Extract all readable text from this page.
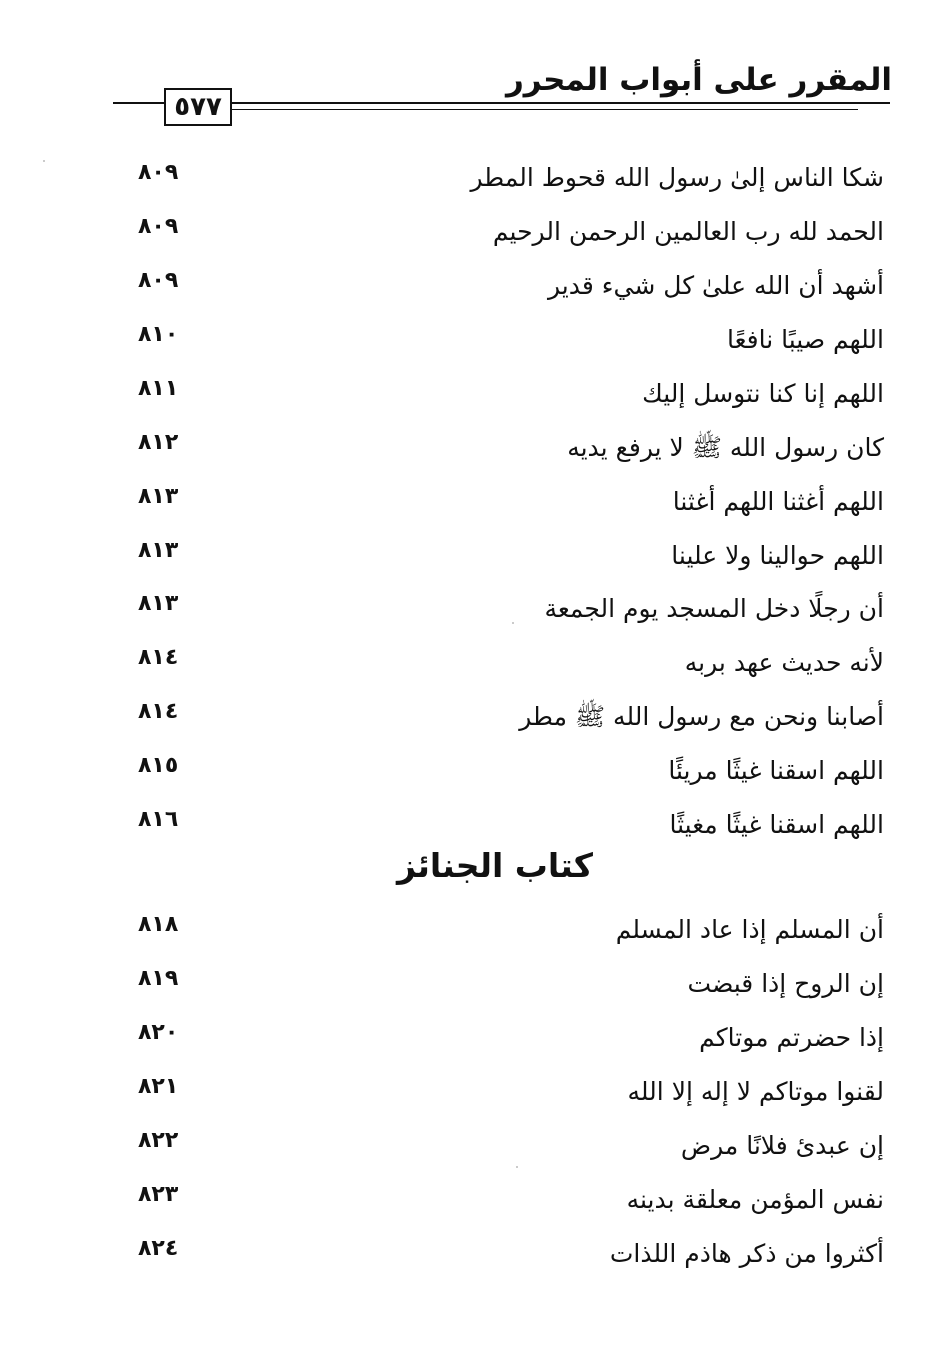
المقرر على أبواب المحرر
٥٧٧
شكا الناس إلىٰ رسول الله قحوط المطر
٨٠٩
الحمد لله رب العالمين الرحمن الرحيم
٨٠٩
أشهد أن الله علىٰ كل شيء قدير
٨٠٩
اللهم صيبًا نافعًا
٨١٠
اللهم إنا كنا نتوسل إليك
٨١١
كان رسول الله ﷺ لا يرفع يديه
٨١٢
اللهم أغثنا اللهم أغثنا
٨١٣
اللهم حوالينا ولا علينا
٨١٣
أن رجلًا دخل المسجد يوم الجمعة
٨١٣
لأنه حديث عهد بربه
٨١٤
أصابنا ونحن مع رسول الله ﷺ مطر
٨١٤
اللهم اسقنا غيثًا مريئًا
٨١٥
اللهم اسقنا غيثًا مغيثًا
٨١٦
كتاب الجنائز
أن المسلم إذا عاد المسلم
٨١٨
إن الروح إذا قبضت
٨١٩
إذا حضرتم موتاكم
٨٢٠
لقنوا موتاكم لا إله إلا الله
٨٢١
إن عبدئ فلانًا مرض
٨٢٢
نفس المؤمن معلقة بدينه
٨٢٣
أكثروا من ذكر هاذم اللذات
٨٢٤
